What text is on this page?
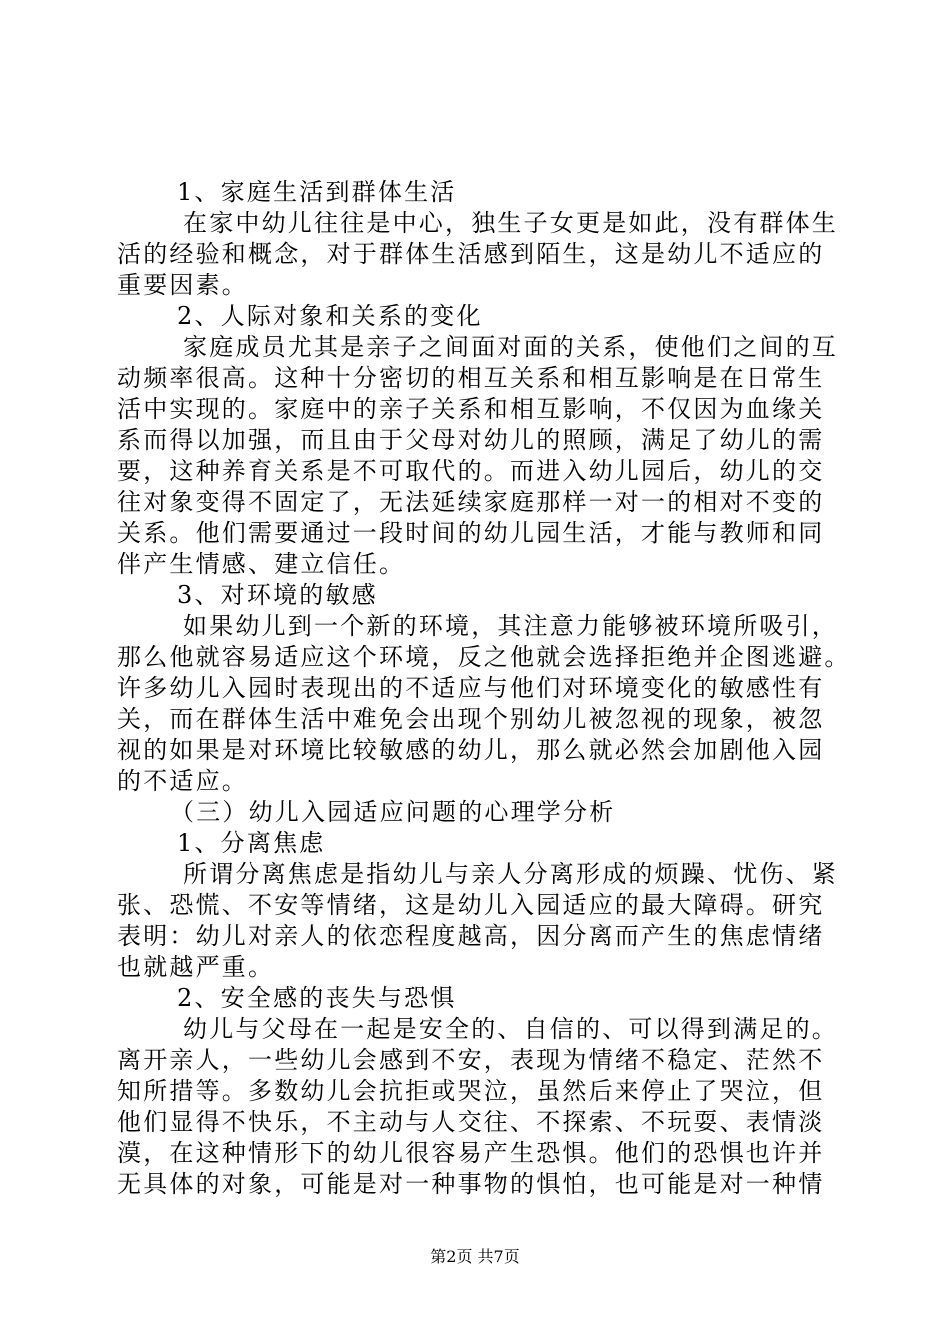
1、家庭生活到群体生活
在家中幼儿往往是中心，独生子女更是如此，没有群体生
活的经验和概念，对于群体生活感到陌生，这是幼儿不适应的
重要因素。
2、人际对象和关系的变化
家庭成员尤其是亲子之间面对面的关系，使他们之间的互
动频率很高。这种十分密切的相互关系和相互影响是在日常生
活中实现的。家庭中的亲子关系和相互影响，不仅因为血缘关
系而得以加强，而且由于父母对幼儿的照顾，满足了幼儿的需
要，这种养育关系是不可取代的。而进入幼儿园后，幼儿的交
往对象变得不固定了，无法延续家庭那样一对一的相对不变的
关系。他们需要通过一段时间的幼儿园生活，才能与教师和同
伴产生情感、建立信任。
3、对环境的敏感
如果幼儿到一个新的环境，其注意力能够被环境所吸引，
那么他就容易适应这个环境，反之他就会选择拒绝并企图逃避。
许多幼儿入园时表现出的不适应与他们对环境变化的敏感性有
关，而在群体生活中难免会出现个别幼儿被忽视的现象，被忽
视的如果是对环境比较敏感的幼儿，那么就必然会加剧他入园
的不适应。
（三）幼儿入园适应问题的心理学分析
1、分离焦虑
所谓分离焦虑是指幼儿与亲人分离形成的烦躁、忧伤、紧
张、恐慌、不安等情绪，这是幼儿入园适应的最大障碍。研究
表明：幼儿对亲人的依恋程度越高，因分离而产生的焦虑情绪
也就越严重。
2、安全感的丧失与恐惧
幼儿与父母在一起是安全的、自信的、可以得到满足的。
离开亲人，一些幼儿会感到不安，表现为情绪不稳定、茫然不
知所措等。多数幼儿会抗拒或哭泣，虽然后来停止了哭泣，但
他们显得不快乐，不主动与人交往、不探索、不玩耍、表情淡
漠，在这种情形下的幼儿很容易产生恐惧。他们的恐惧也许并
无具体的对象，可能是对一种事物的惧怕，也可能是对一种情
第2页 共7页
